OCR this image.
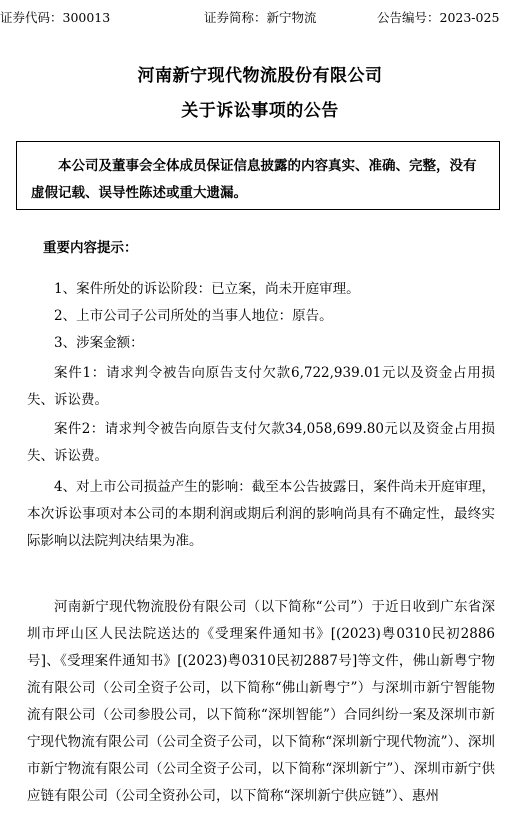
证券代码：300013	证券简称：新宁物流	公告编号：2023-025
河南新宁现代物流股份有限公司
关于诉讼事项的公告
本公司及董事会全体成员保证信息披露的内容真实、准确、完整，没有虚假记载、误导性陈述或重大遗漏。
重要内容提示：

1、案件所处的诉讼阶段：已立案，尚未开庭审理。

2、上市公司子公司所处的当事人地位：原告。

3、涉案金额：

案件1：请求判令被告向原告支付欠款6,722,939.01元以及资金占用损失、诉讼费。

案件2：请求判令被告向原告支付欠款34,058,699.80元以及资金占用损失、诉讼费。

4、对上市公司损益产生的影响：截至本公告披露日，案件尚未开庭审理，本次诉讼事项对本公司的本期利润或期后利润的影响尚具有不确定性，最终实际影响以法院判决结果为准。

河南新宁现代物流股份有限公司（以下简称“公司”）于近日收到广东省深圳市坪山区人民法院送达的《受理案件通知书》[(2023)粤0310民初2886号]、《受理案件通知书》[(2023)粤0310民初2887号]等文件，佛山新粤宁物流有限公司（公司全资子公司，以下简称“佛山新粤宁”）与深圳市新宁智能物流有限公司（公司参股公司，以下简称“深圳智能”）合同纠纷一案及深圳市新宁现代物流有限公司（公司全资子公司，以下简称“深圳新宁现代物流”）、深圳市新宁物流有限公司（公司全资子公司，以下简称“深圳新宁”）、深圳市新宁供应链有限公司（公司全资孙公司，以下简称“深圳新宁供应链”）、惠州
